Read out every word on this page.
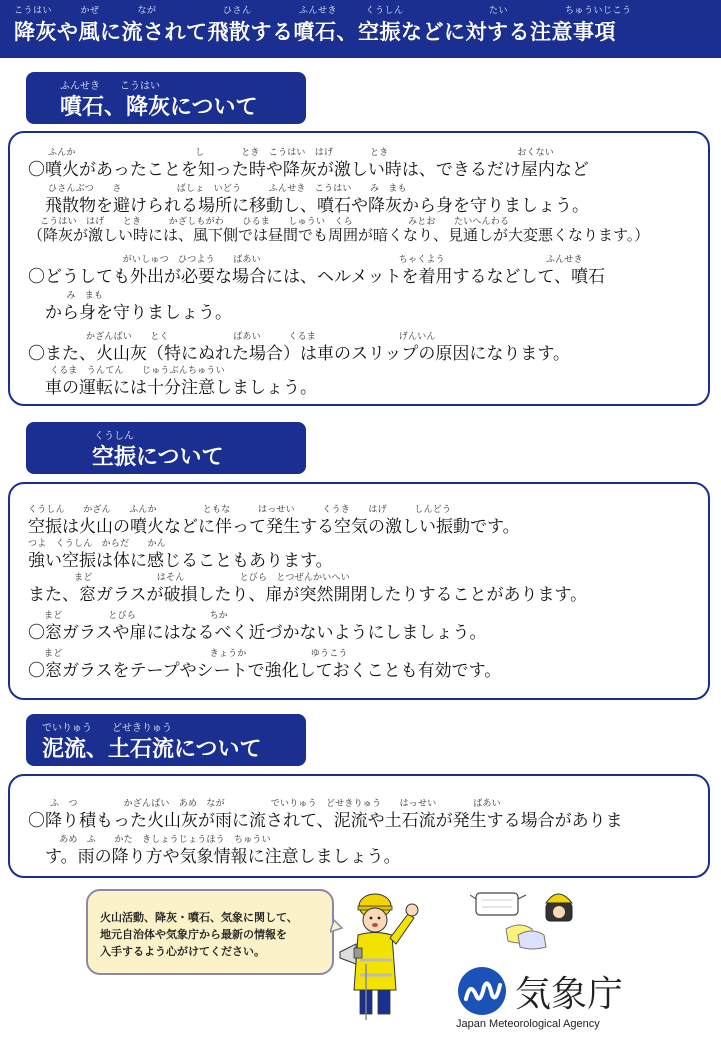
こうはい　　　かぜ　　　　なが　　　　　　　ひさん　　　　　ふんせき　　　くうしん　　　　　　　　　たい　　　　　　ちゅういじこう
降灰や風に流されて飛散する噴石、空振などに対する注意事項
ふんせき　　こうはい
噴石、降灰について
ふんか　　　　　　　　　　　　　し　　　　とき　こうはい　はげ　　　　とき　　　　　　　　　　　　　　おくない
〇噴火があったことを知った時や降灰が激しい時は、できるだけ屋内など
ひさんぶつ　　さ　　　　　　ばしょ　いどう　　　ふんせき　こうはい　　み　まも
　飛散物を避けられる場所に移動し、噴石や降灰から身を守りましょう。
こうはい　はげ　　とき　　　かざしもがわ　　ひるま　　しゅうい　くら　　　　　　みとお　　たいへんわる
（降灰が激しい時には、風下側では昼間でも周囲が暗くなり、見通しが大変悪くなります。）
　　　　　　　　　がいしゅつ　ひつよう　　ばあい　　　　　　　　　　　　　　　ちゃくよう　　　　　　　　　　　ふんせき
〇どうしても外出が必要な場合には、ヘルメットを着用するなどして、噴石
　　み　まも
　から身を守りましょう。
　　　　　かざんばい　　とく　　　　　　　ばあい　　　くるま　　　　　　　　　げんいん
〇また、火山灰（特にぬれた場合）は車のスリップの原因になります。
くるま　うんてん　　じゅうぶんちゅうい
　車の運転には十分注意しましょう。
くうしん
空振について
くうしん　　かざん　　ふんか　　　　　ともな　　　はっせい　　　くうき　　はげ　　　しんどう
空振は火山の噴火などに伴って発生する空気の激しい振動です。
つよ　くうしん　からだ　　かん
強い空振は体に感じることもあります。
　　　　　まど　　　　　　　はそん　　　　　　とびら　とつぜんかいへい
また、窓ガラスが破損したり、扉が突然開閉したりすることがあります。
まど　　　　　とびら　　　　　　　　ちか
〇窓ガラスや扉にはなるべく近づかないようにしましょう。
まど　　　　　　　　　　　　　　　　きょうか　　　　　　　ゆうこう
〇窓ガラスをテープやシートで強化しておくことも有効です。
でいりゅう　　どせきりゅう
泥流、土石流について
ふ　つ　　　　　かざんばい　あめ　なが　　　　　でいりゅう　どせきりゅう　　はっせい　　　　ばあい
〇降り積もった火山灰が雨に流されて、泥流や土石流が発生する場合がありま
　あめ　ふ　　かた　きしょうじょうほう　ちゅうい
　す。雨の降り方や気象情報に注意しましょう。
火山活動、降灰・噴石、気象に関して、
地元自治体や気象庁から最新の情報を
入手するよう心がけてください。
気象庁
Japan Meteorological Agency
